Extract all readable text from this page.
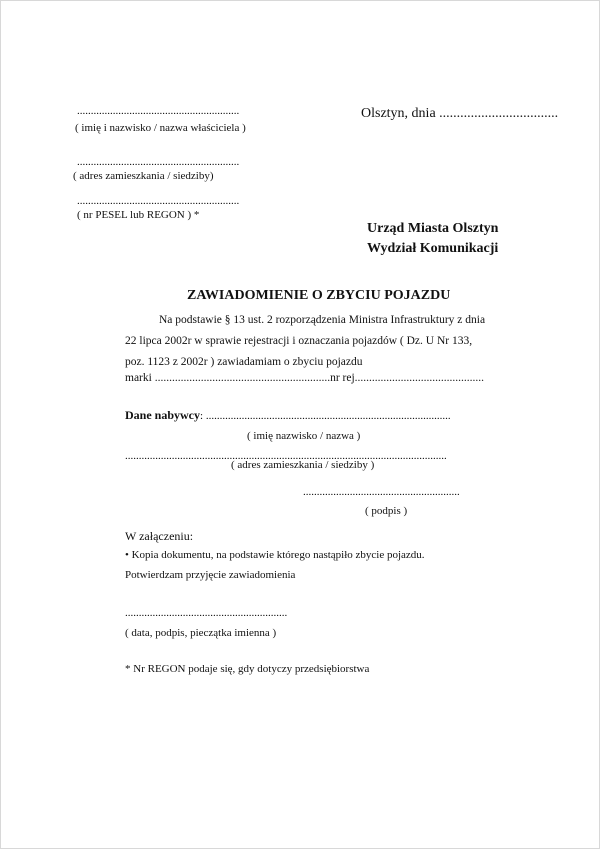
...........................................................
( imię i nazwisko / nazwa właściciela )
...........................................................
( adres zamieszkania / siedziby)
...........................................................
( nr PESEL lub REGON ) *
Olsztyn, dnia ..................................
Urząd Miasta Olsztyn
Wydział Komunikacji
ZAWIADOMIENIE O ZBYCIU POJAZDU
Na podstawie § 13 ust. 2 rozporządzenia Ministra Infrastruktury z dnia
22 lipca 2002r w sprawie rejestracji i oznaczania pojazdów ( Dz. U Nr 133,
poz. 1123 z 2002r ) zawiadamiam o zbyciu pojazdu
marki .............................................................nr rej.............................................
Dane nabywcy: .........................................................................................
( imię nazwisko / nazwa )
.....................................................................................................................
( adres zamieszkania / siedziby )
.........................................................
( podpis )
W załączeniu:
• Kopia dokumentu, na podstawie którego nastąpiło zbycie pojazdu.
Potwierdzam przyjęcie zawiadomienia
...........................................................
( data, podpis, pieczątka imienna )
* Nr REGON podaje się, gdy dotyczy przedsiębiorstwa
